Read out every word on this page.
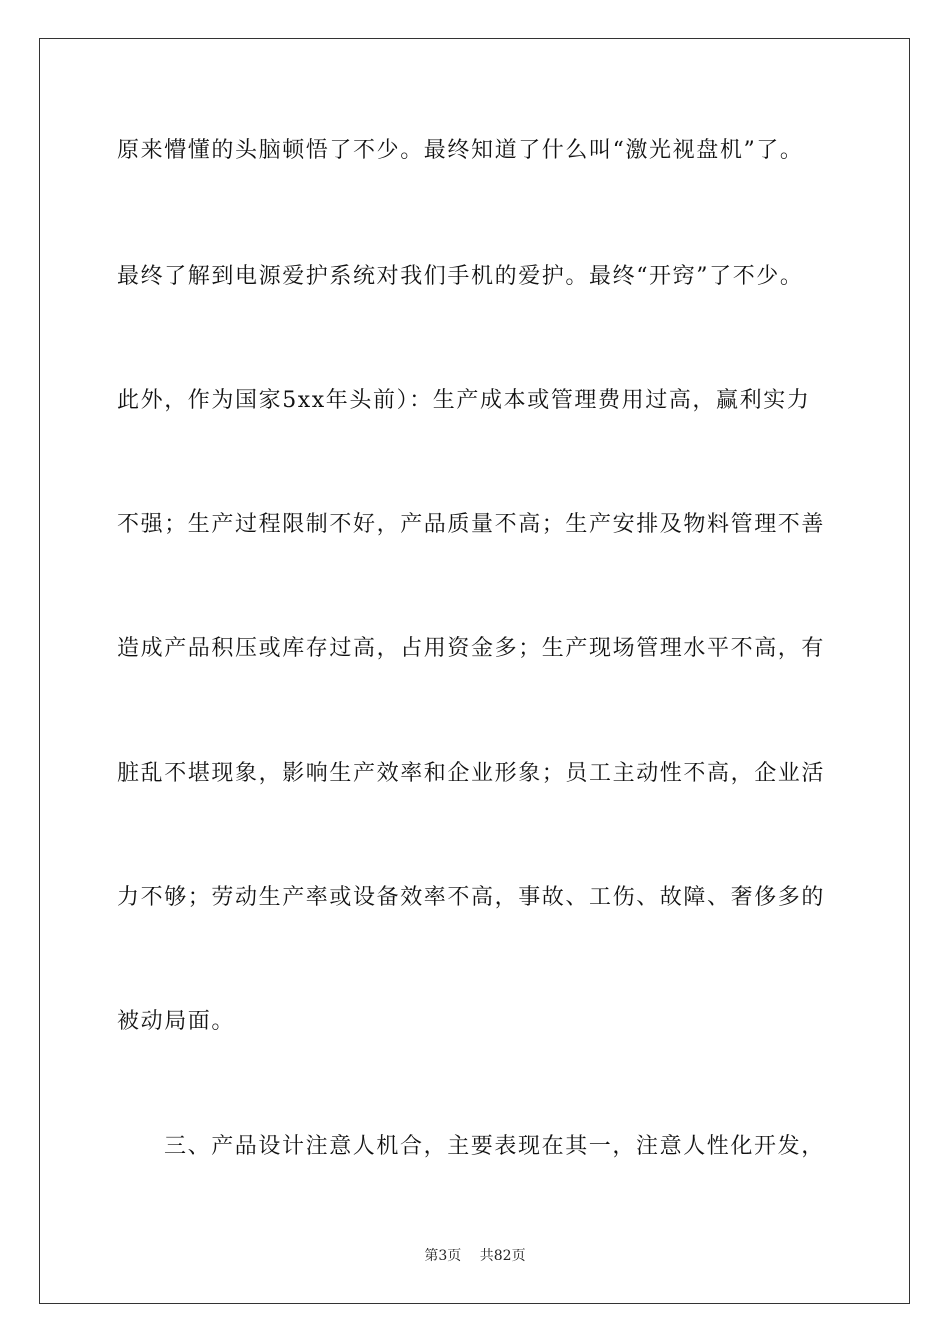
原来懵懂的头脑顿悟了不少。最终知道了什么叫“激光视盘机”了。
最终了解到电源爱护系统对我们手机的爱护。最终“开窍”了不少。
此外，作为国家5xx年头前）：生产成本或管理费用过高，赢利实力
不强；生产过程限制不好，产品质量不高；生产安排及物料管理不善
造成产品积压或库存过高，占用资金多；生产现场管理水平不高，有
脏乱不堪现象，影响生产效率和企业形象；员工主动性不高，企业活
力不够；劳动生产率或设备效率不高，事故、工伤、故障、奢侈多的
被动局面。
三、产品设计注意人机合，主要表现在其一，注意人性化开发，
第3页 共82页
